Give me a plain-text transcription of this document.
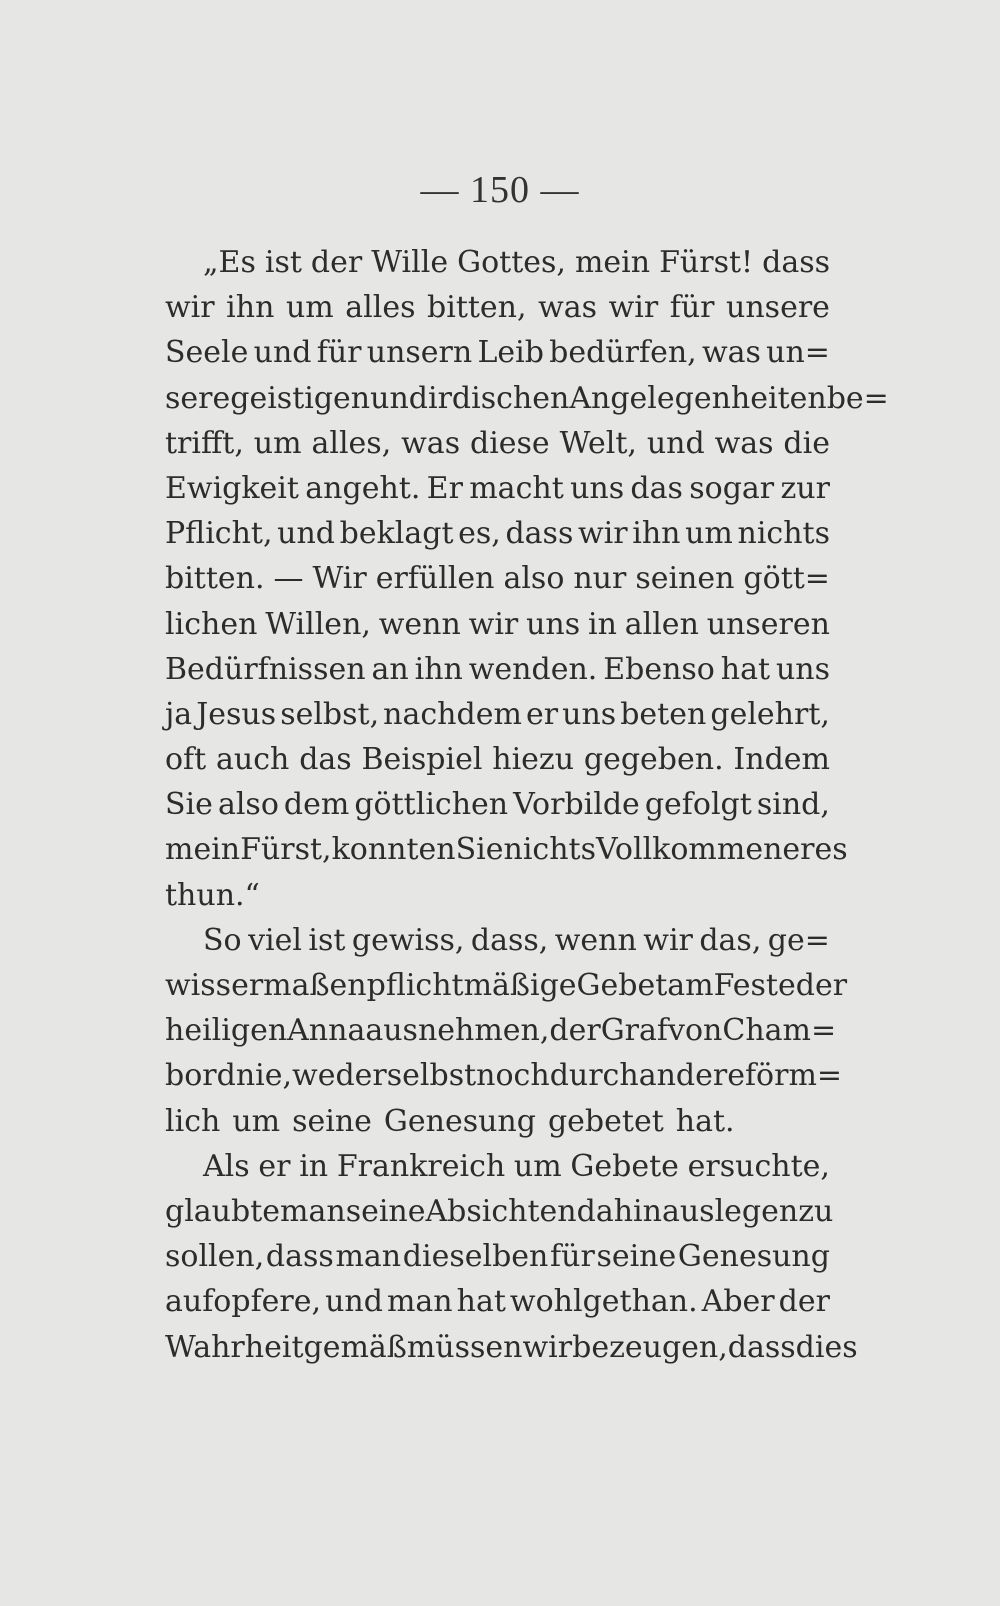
— 150 —

„Es ist der Wille Gottes, mein Fürst! dass
wir ihn um alles bitten, was wir für unsere
Seele und für unsern Leib bedürfen, was un=
sere geistigen und irdischen Angelegenheiten be=
trifft, um alles, was diese Welt, und was die
Ewigkeit angeht. Er macht uns das sogar zur
Pflicht, und beklagt es, dass wir ihn um nichts
bitten. — Wir erfüllen also nur seinen gött=
lichen Willen, wenn wir uns in allen unseren
Bedürfnissen an ihn wenden. Ebenso hat uns
ja Jesus selbst, nachdem er uns beten gelehrt,
oft auch das Beispiel hiezu gegeben. Indem
Sie also dem göttlichen Vorbilde gefolgt sind,
mein Fürst, konnten Sie nichts Vollkommeneres
thun.“
So viel ist gewiss, dass, wenn wir das, ge=
wissermaßen pflichtmäßige Gebet am Feste der
heiligen Anna ausnehmen, der Graf von Cham=
bord nie, weder selbst noch durch andere förm=
lich um seine Genesung gebetet hat.
Als er in Frankreich um Gebete ersuchte,
glaubte man seine Absichten dahin auslegen zu
sollen, dass man dieselben für seine Genesung
aufopfere, und man hat wohlgethan. Aber der
Wahrheit gemäß müssen wir bezeugen, dass dies
